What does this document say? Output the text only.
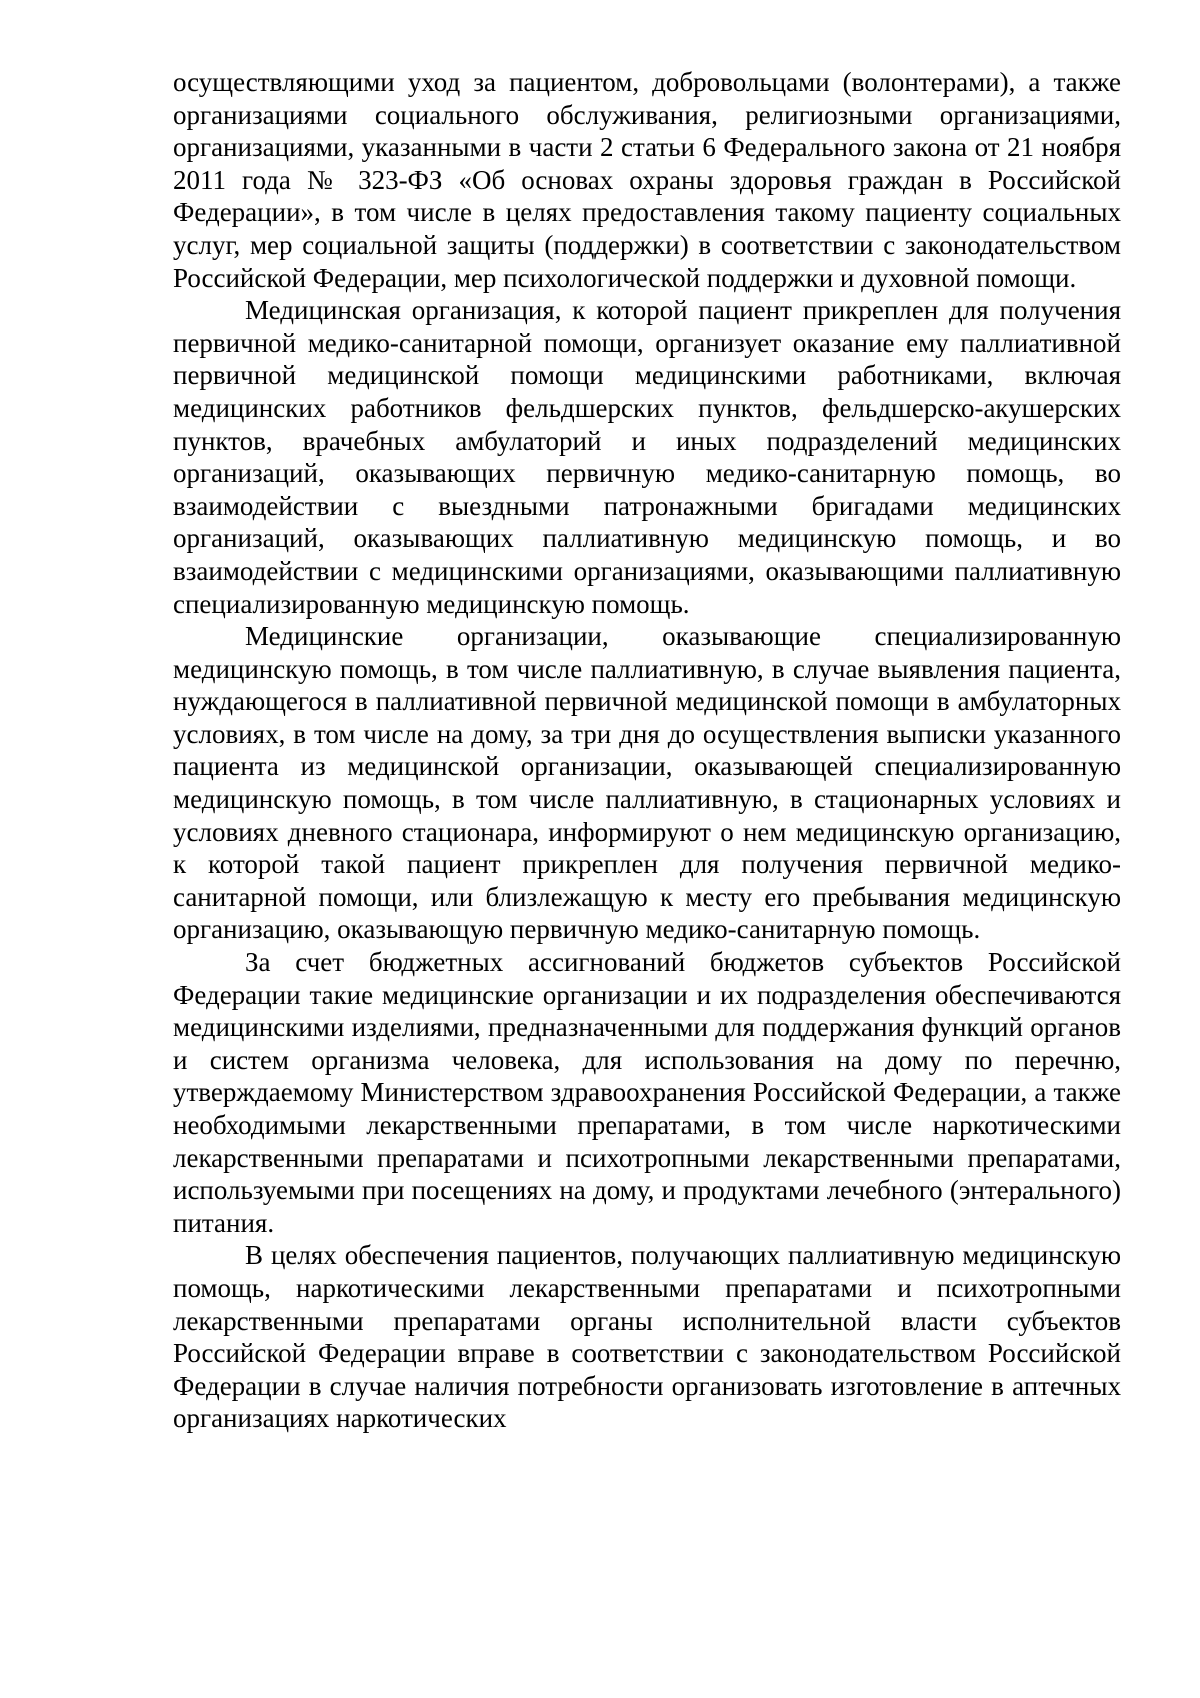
осуществляющими уход за пациентом, добровольцами (волонтерами), а также организациями социального обслуживания, религиозными организациями, организациями, указанными в части 2 статьи 6 Федерального закона от 21 ноября 2011 года № 323-ФЗ «Об основах охраны здоровья граждан в Российской Федерации», в том числе в целях предоставления такому пациенту социальных услуг, мер социальной защиты (поддержки) в соответствии с законодательством Российской Федерации, мер психологической поддержки и духовной помощи.

Медицинская организация, к которой пациент прикреплен для получения первичной медико-санитарной помощи, организует оказание ему паллиативной первичной медицинской помощи медицинскими работниками, включая медицинских работников фельдшерских пунктов, фельдшерско-акушерских пунктов, врачебных амбулаторий и иных подразделений медицинских организаций, оказывающих первичную медико-санитарную помощь, во взаимодействии с выездными патронажными бригадами медицинских организаций, оказывающих паллиативную медицинскую помощь, и во взаимодействии с медицинскими организациями, оказывающими паллиативную специализированную медицинскую помощь.

Медицинские организации, оказывающие специализированную медицинскую помощь, в том числе паллиативную, в случае выявления пациента, нуждающегося в паллиативной первичной медицинской помощи в амбулаторных условиях, в том числе на дому, за три дня до осуществления выписки указанного пациента из медицинской организации, оказывающей специализированную медицинскую помощь, в том числе паллиативную, в стационарных условиях и условиях дневного стационара, информируют о нем медицинскую организацию, к которой такой пациент прикреплен для получения первичной медико-санитарной помощи, или близлежащую к месту его пребывания медицинскую организацию, оказывающую первичную медико-санитарную помощь.

За счет бюджетных ассигнований бюджетов субъектов Российской Федерации такие медицинские организации и их подразделения обеспечиваются медицинскими изделиями, предназначенными для поддержания функций органов и систем организма человека, для использования на дому по перечню, утверждаемому Министерством здравоохранения Российской Федерации, а также необходимыми лекарственными препаратами, в том числе наркотическими лекарственными препаратами и психотропными лекарственными препаратами, используемыми при посещениях на дому, и продуктами лечебного (энтерального) питания.

В целях обеспечения пациентов, получающих паллиативную медицинскую помощь, наркотическими лекарственными препаратами и психотропными лекарственными препаратами органы исполнительной власти субъектов Российской Федерации вправе в соответствии с законодательством Российской Федерации в случае наличия потребности организовать изготовление в аптечных организациях наркотических
